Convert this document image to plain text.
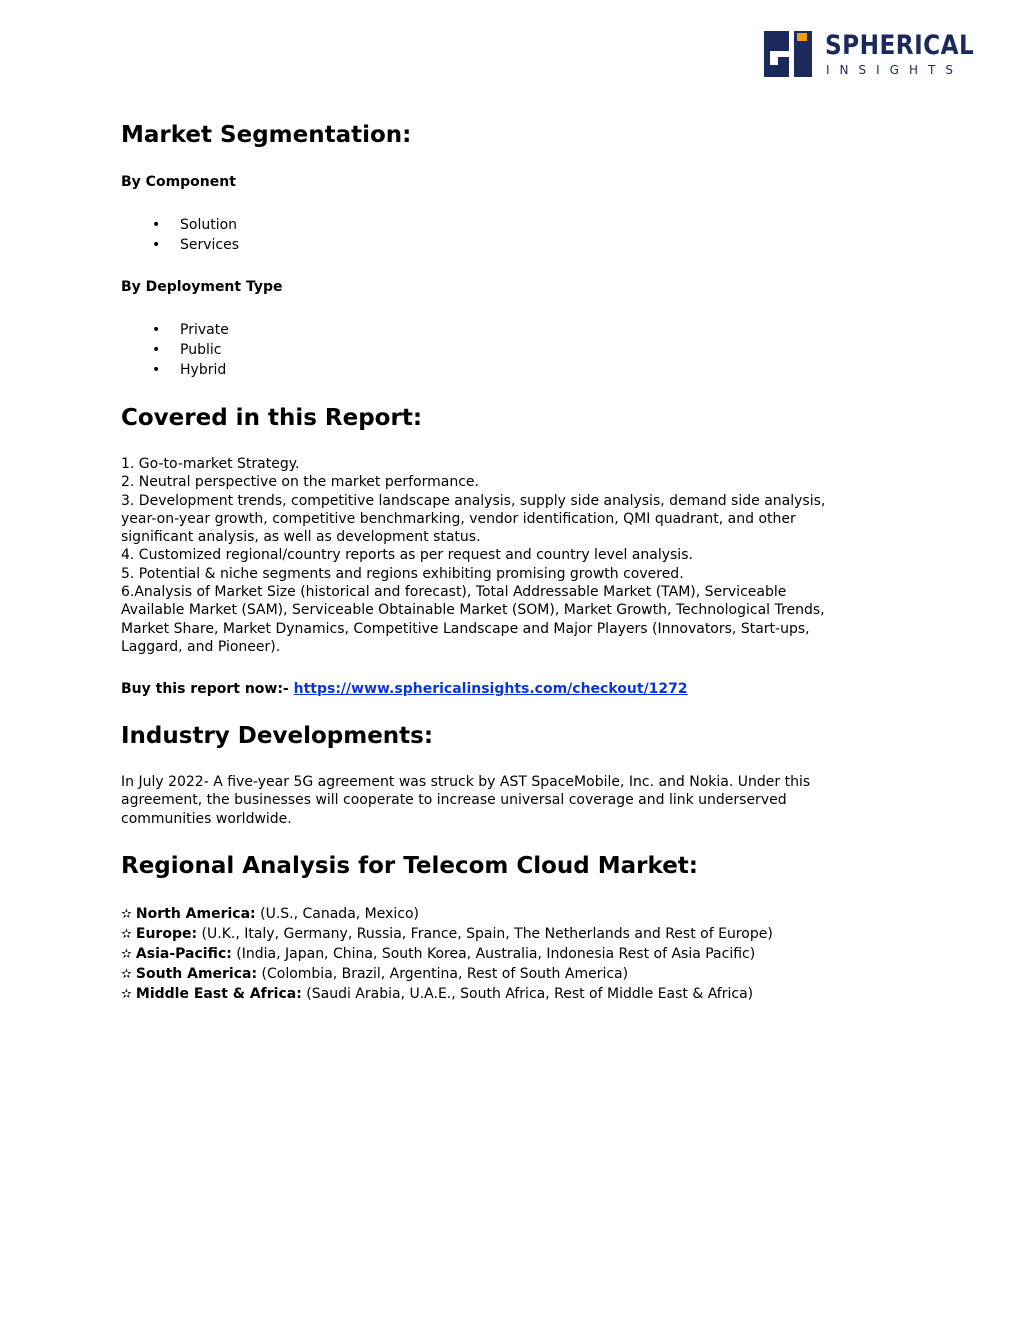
SPHERICAL
INSIGHTS
Market Segmentation:

By Component

• Solution
• Services

By Deployment Type

• Private
• Public
• Hybrid
Covered in this Report:
1. Go-to-market Strategy.
2. Neutral perspective on the market performance.
3. Development trends, competitive landscape analysis, supply side analysis, demand side analysis,
year-on-year growth, competitive benchmarking, vendor identification, QMI quadrant, and other
significant analysis, as well as development status.
4. Customized regional/country reports as per request and country level analysis.
5. Potential & niche segments and regions exhibiting promising growth covered.
6.Analysis of Market Size (historical and forecast), Total Addressable Market (TAM), Serviceable
Available Market (SAM), Serviceable Obtainable Market (SOM), Market Growth, Technological Trends,
Market Share, Market Dynamics, Competitive Landscape and Major Players (Innovators, Start-ups,
Laggard, and Pioneer).
Buy this report now:- https://www.sphericalinsights.com/checkout/1272
Industry Developments:
In July 2022- A five-year 5G agreement was struck by AST SpaceMobile, Inc. and Nokia. Under this
agreement, the businesses will cooperate to increase universal coverage and link underserved
communities worldwide.
Regional Analysis for Telecom Cloud Market:
✫ North America: (U.S., Canada, Mexico)
✫ Europe: (U.K., Italy, Germany, Russia, France, Spain, The Netherlands and Rest of Europe)
✫ Asia-Pacific: (India, Japan, China, South Korea, Australia, Indonesia Rest of Asia Pacific)
✫ South America: (Colombia, Brazil, Argentina, Rest of South America)
✫ Middle East & Africa: (Saudi Arabia, U.A.E., South Africa, Rest of Middle East & Africa)
